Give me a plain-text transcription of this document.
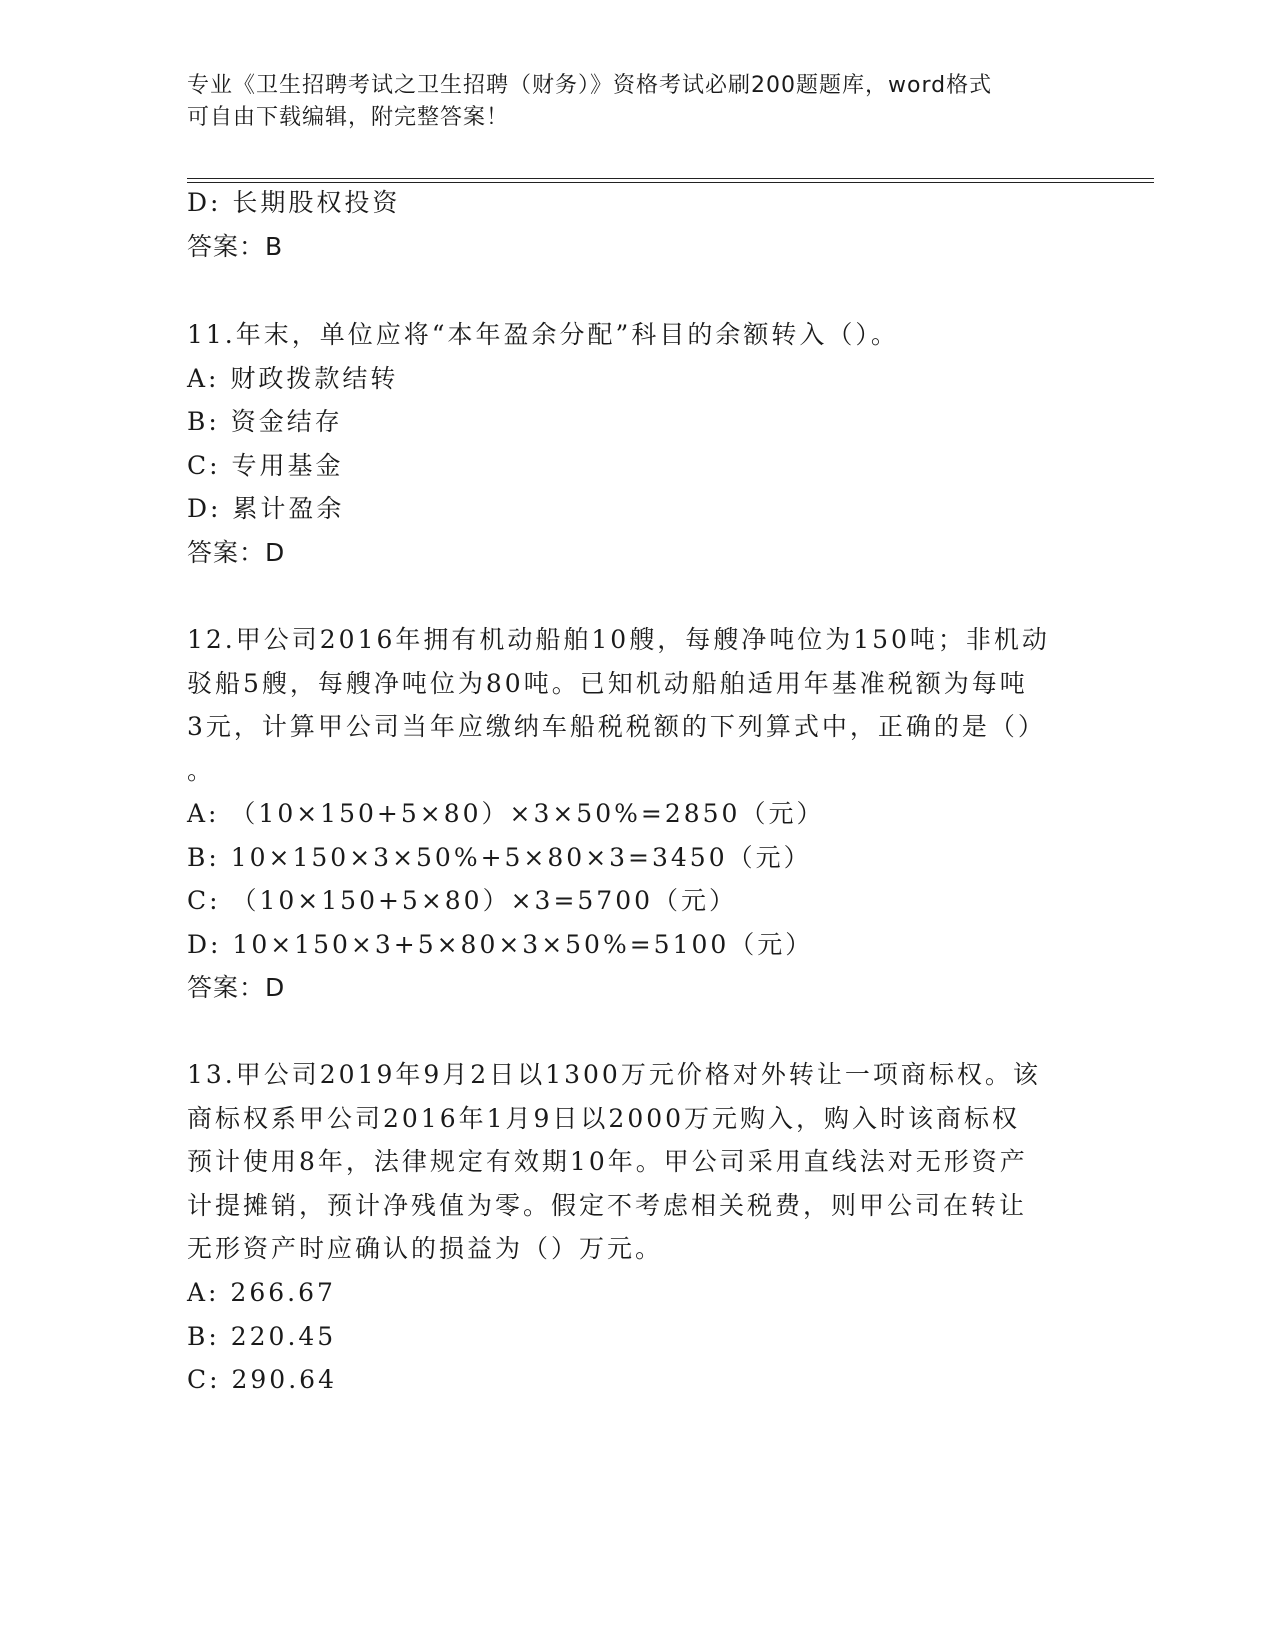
专业《卫生招聘考试之卫生招聘（财务）》资格考试必刷200题题库，word格式
可自由下载编辑，附完整答案！
D: 长期股权投资
答案：B
11.年末，单位应将“本年盈余分配”科目的余额转入（）。
A: 财政拨款结转
B: 资金结存
C: 专用基金
D: 累计盈余
答案：D
12.甲公司2016年拥有机动船舶10艘，每艘净吨位为150吨；非机动
驳船5艘，每艘净吨位为80吨。已知机动船舶适用年基准税额为每吨
3元，计算甲公司当年应缴纳车船税税额的下列算式中，正确的是（）
。
A: （10×150+5×80）×3×50%=2850（元）
B: 10×150×3×50%+5×80×3=3450（元）
C: （10×150+5×80）×3=5700（元）
D: 10×150×3+5×80×3×50%=5100（元）
答案：D
13.甲公司2019年9月2日以1300万元价格对外转让一项商标权。该
商标权系甲公司2016年1月9日以2000万元购入，购入时该商标权
预计使用8年，法律规定有效期10年。甲公司采用直线法对无形资产
计提摊销，预计净残值为零。假定不考虑相关税费，则甲公司在转让
无形资产时应确认的损益为（）万元。
A: 266.67
B: 220.45
C: 290.64
